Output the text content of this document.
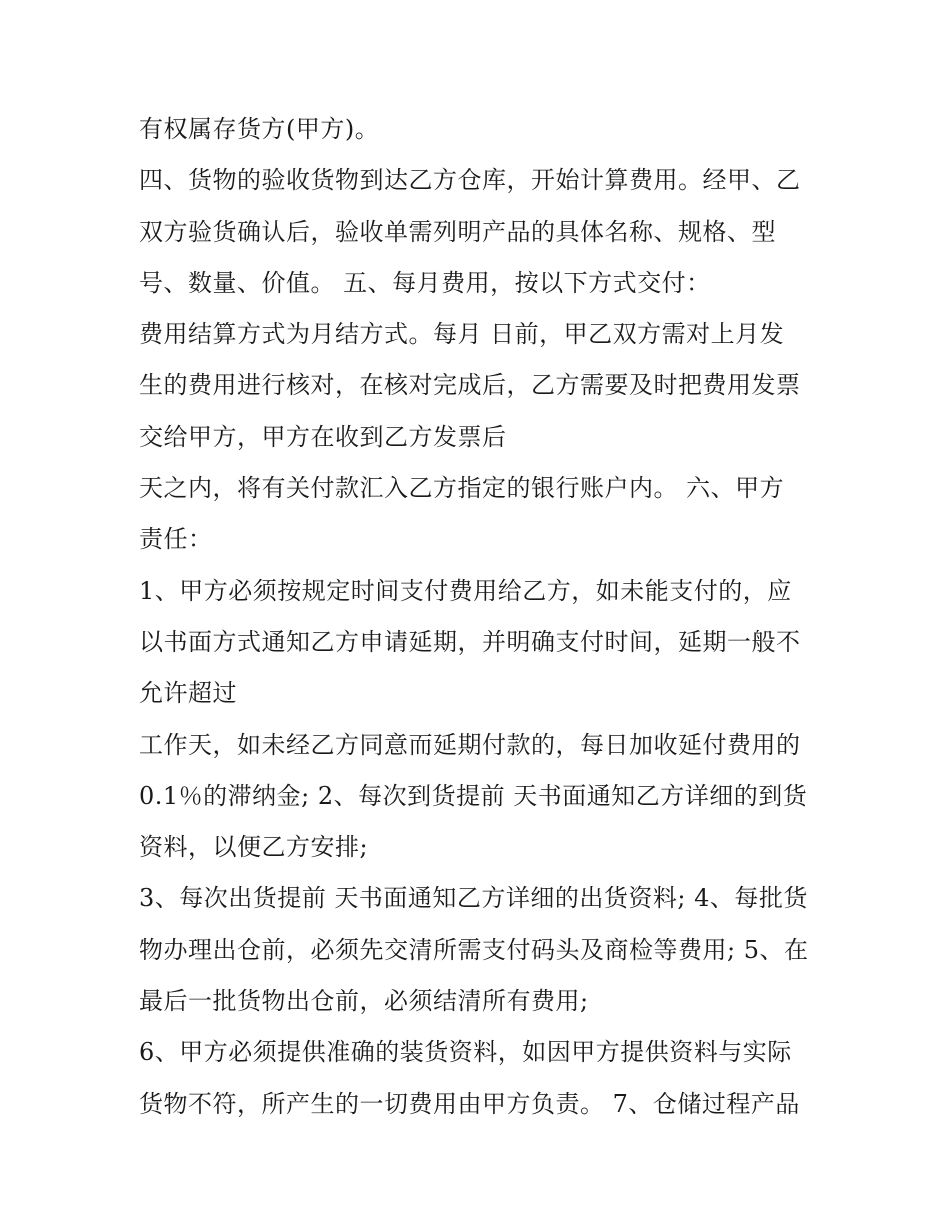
有权属存货方(甲方)。
四、货物的验收货物到达乙方仓库，开始计算费用。经甲、乙
双方验货确认后，验收单需列明产品的具体名称、规格、型
号、数量、价值。 五、每月费用，按以下方式交付：
费用结算方式为月结方式。每月 日前，甲乙双方需对上月发
生的费用进行核对，在核对完成后，乙方需要及时把费用发票
交给甲方，甲方在收到乙方发票后
天之内，将有关付款汇入乙方指定的银行账户内。 六、甲方
责任：
1、甲方必须按规定时间支付费用给乙方，如未能支付的，应
以书面方式通知乙方申请延期，并明确支付时间，延期一般不
允许超过
工作天，如未经乙方同意而延期付款的，每日加收延付费用的
0.1％的滞纳金; 2、每次到货提前 天书面通知乙方详细的到货
资料，以便乙方安排;
3、每次出货提前 天书面通知乙方详细的出货资料; 4、每批货
物办理出仓前，必须先交清所需支付码头及商检等费用; 5、在
最后一批货物出仓前，必须结清所有费用;
6、甲方必须提供准确的装货资料，如因甲方提供资料与实际
货物不符，所产生的一切费用由甲方负责。 7、仓储过程产品
